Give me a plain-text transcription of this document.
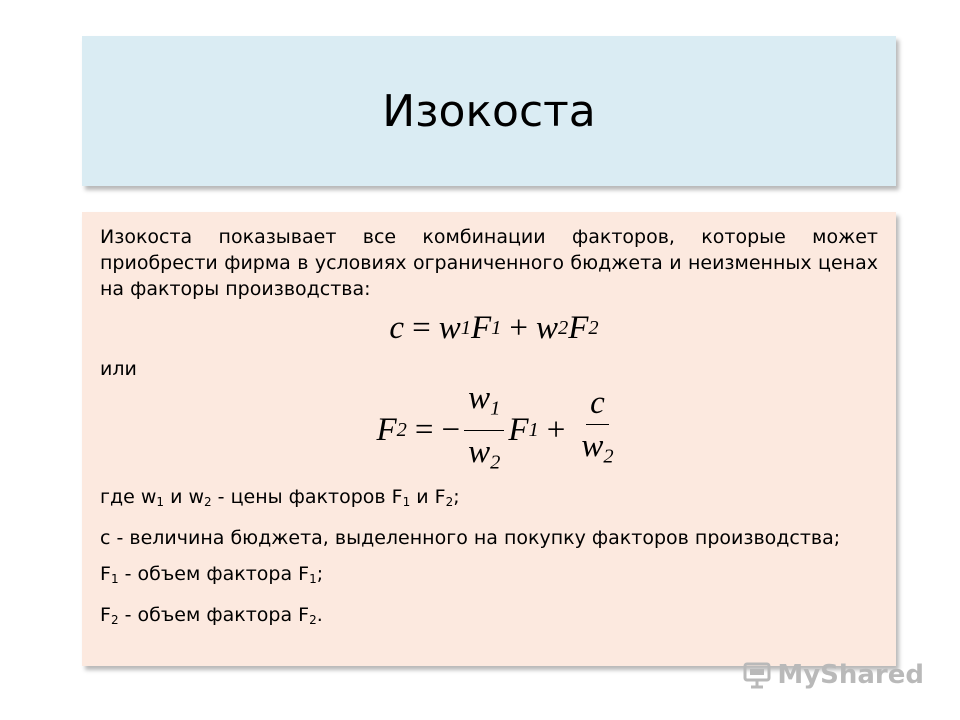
Изокоста

Изокоста показывает все комбинации факторов, которые может приобрести фирма в условиях ограниченного бюджета и неизменных ценах на факторы производства:

c = w 1 F 1 + w 2 F 2

или

F 2 = − $\frac{w_1}{w_2}$ F $1 + \frac{c}{w_2}$

где w1 и w2 - цены факторов F1 и F2;

с - величина бюджета, выделенного на покупку факторов производства;

F1 - объем фактора F1;

F2 - объем фактора F2.

MyShared
